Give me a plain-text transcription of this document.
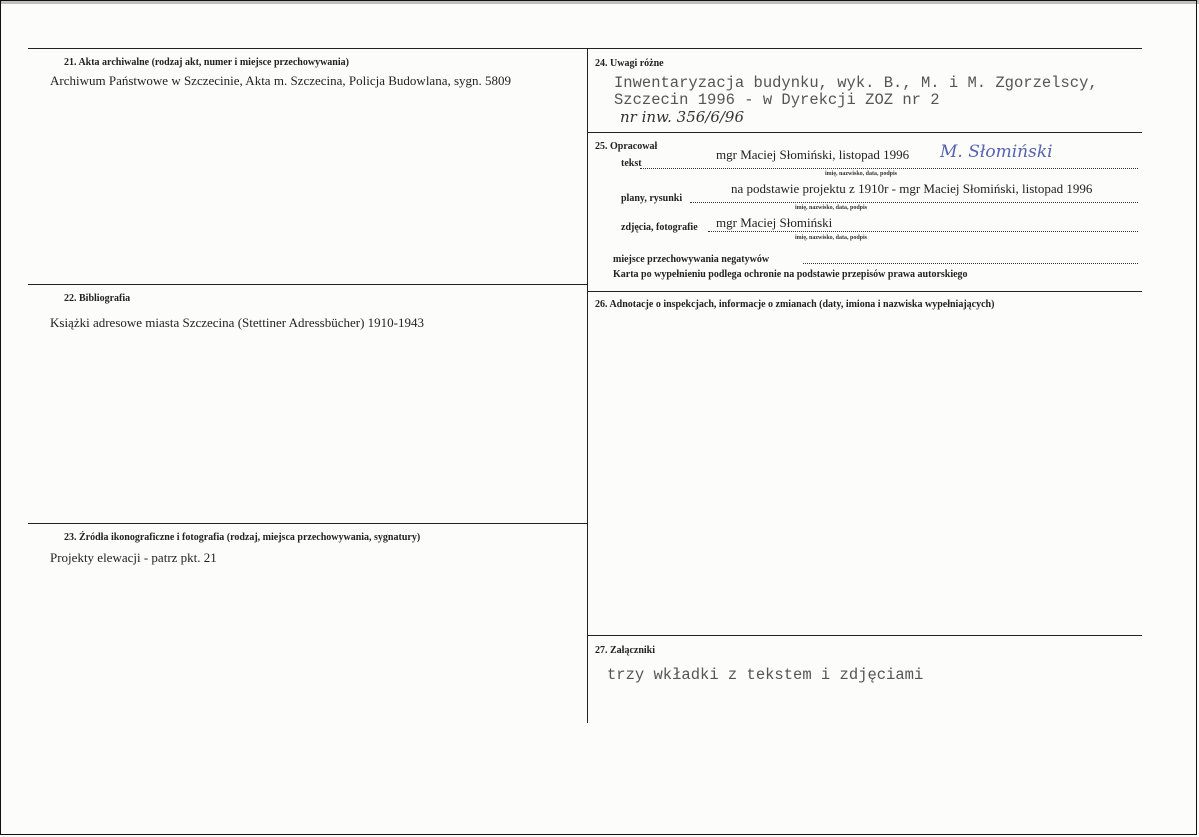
21. Akta archiwalne (rodzaj akt, numer i miejsce przechowywania)
Archiwum Państwowe w Szczecinie, Akta m. Szczecina, Policja Budowlana, sygn. 5809
22. Bibliografia
Książki adresowe miasta Szczecina (Stettiner Adressbücher) 1910-1943
23. Źródła ikonograficzne i fotografia (rodzaj, miejsca przechowywania, sygnatury)
Projekty elewacji - patrz pkt. 21
24. Uwagi różne
Inwentaryzacja budynku, wyk. B., M. i M. Zgorzelscy,
Szczecin 1996 - w Dyrekcji ZOZ nr 2
nr inw. 356/6/96
25. Opracował
tekst
mgr Maciej Słomiński, listopad 1996 M. Słomiński
imię, nazwisko, data, podpis
plany, rysunki
na podstawie projektu z 1910r - mgr Maciej Słomiński, listopad 1996
imię, nazwisko, data, podpis
zdjęcia, fotografie mgr Maciej Słomiński
imię, nazwisko, data, podpis
miejsce przechowywania negatywów
Karta po wypełnieniu podlega ochronie na podstawie przepisów prawa autorskiego
26. Adnotacje o inspekcjach, informacje o zmianach (daty, imiona i nazwiska wypełniających)
27. Załączniki
trzy wkładki z tekstem i zdjęciami
